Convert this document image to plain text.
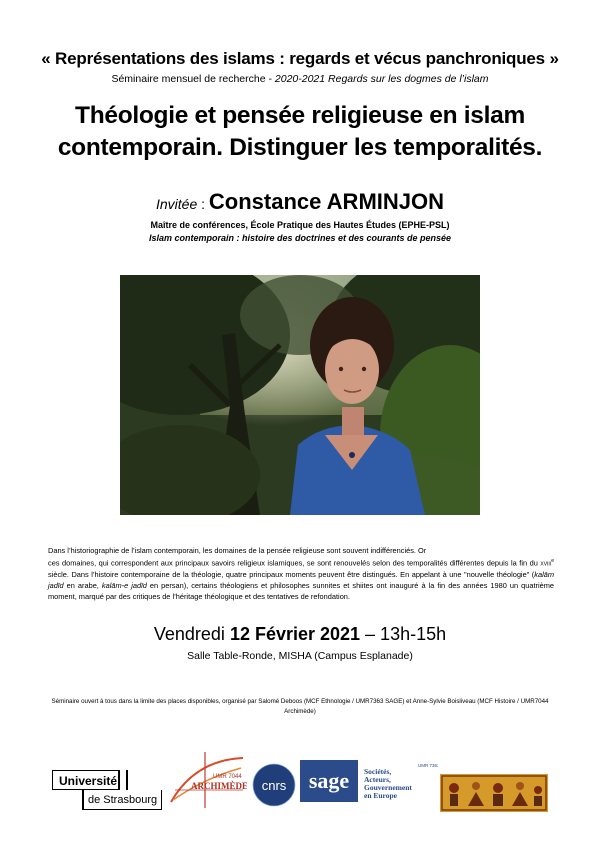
« Représentations des islams : regards et vécus panchroniques »
Séminaire mensuel de recherche - 2020-2021 Regards sur les dogmes de l’islam
Théologie et pensée religieuse en islam contemporain. Distinguer les temporalités.
Invitée : Constance ARMINJON
Maître de conférences, École Pratique des Hautes Études (EPHE-PSL)
Islam contemporain : histoire des doctrines et des courants de pensée
Dans l’historiographie de l’islam contemporain, les domaines de la pensée religieuse sont souvent indifférenciés. Or
ces domaines, qui correspondent aux principaux savoirs religieux islamiques, se sont renouvelés selon des temporalités différentes depuis la fin du xviii$^e$ siècle. Dans l’histoire contemporaine de la théologie, quatre principaux moments peuvent être distingués. En appelant à une "nouvelle théologie" (kalām jadīd en arabe, kalām-e jadīd en persan), certains théologiens et philosophes sunnites et shiites ont inauguré à la fin des années 1980 un quatrième moment, marqué par des critiques de l’héritage théologique et des tentatives de refondation.
Vendredi 12 Février 2021 – 13h-15h
Salle Table-Ronde, MISHA (Campus Esplanade)
Séminaire ouvert à tous dans la limite des places disponibles, organisé par Salomé Deboos (MCF Ethnologie / UMR7363 SAGE) et Anne-Sylvie Boisliveau (MCF Histoire / UMR7044 Archimède)
Université
de Strasbourg
UMR 7044
ARCHIMÈDE cnrs sage
UMR 7363
Sociétés,
Acteurs,
Gouvernement
en Europe
